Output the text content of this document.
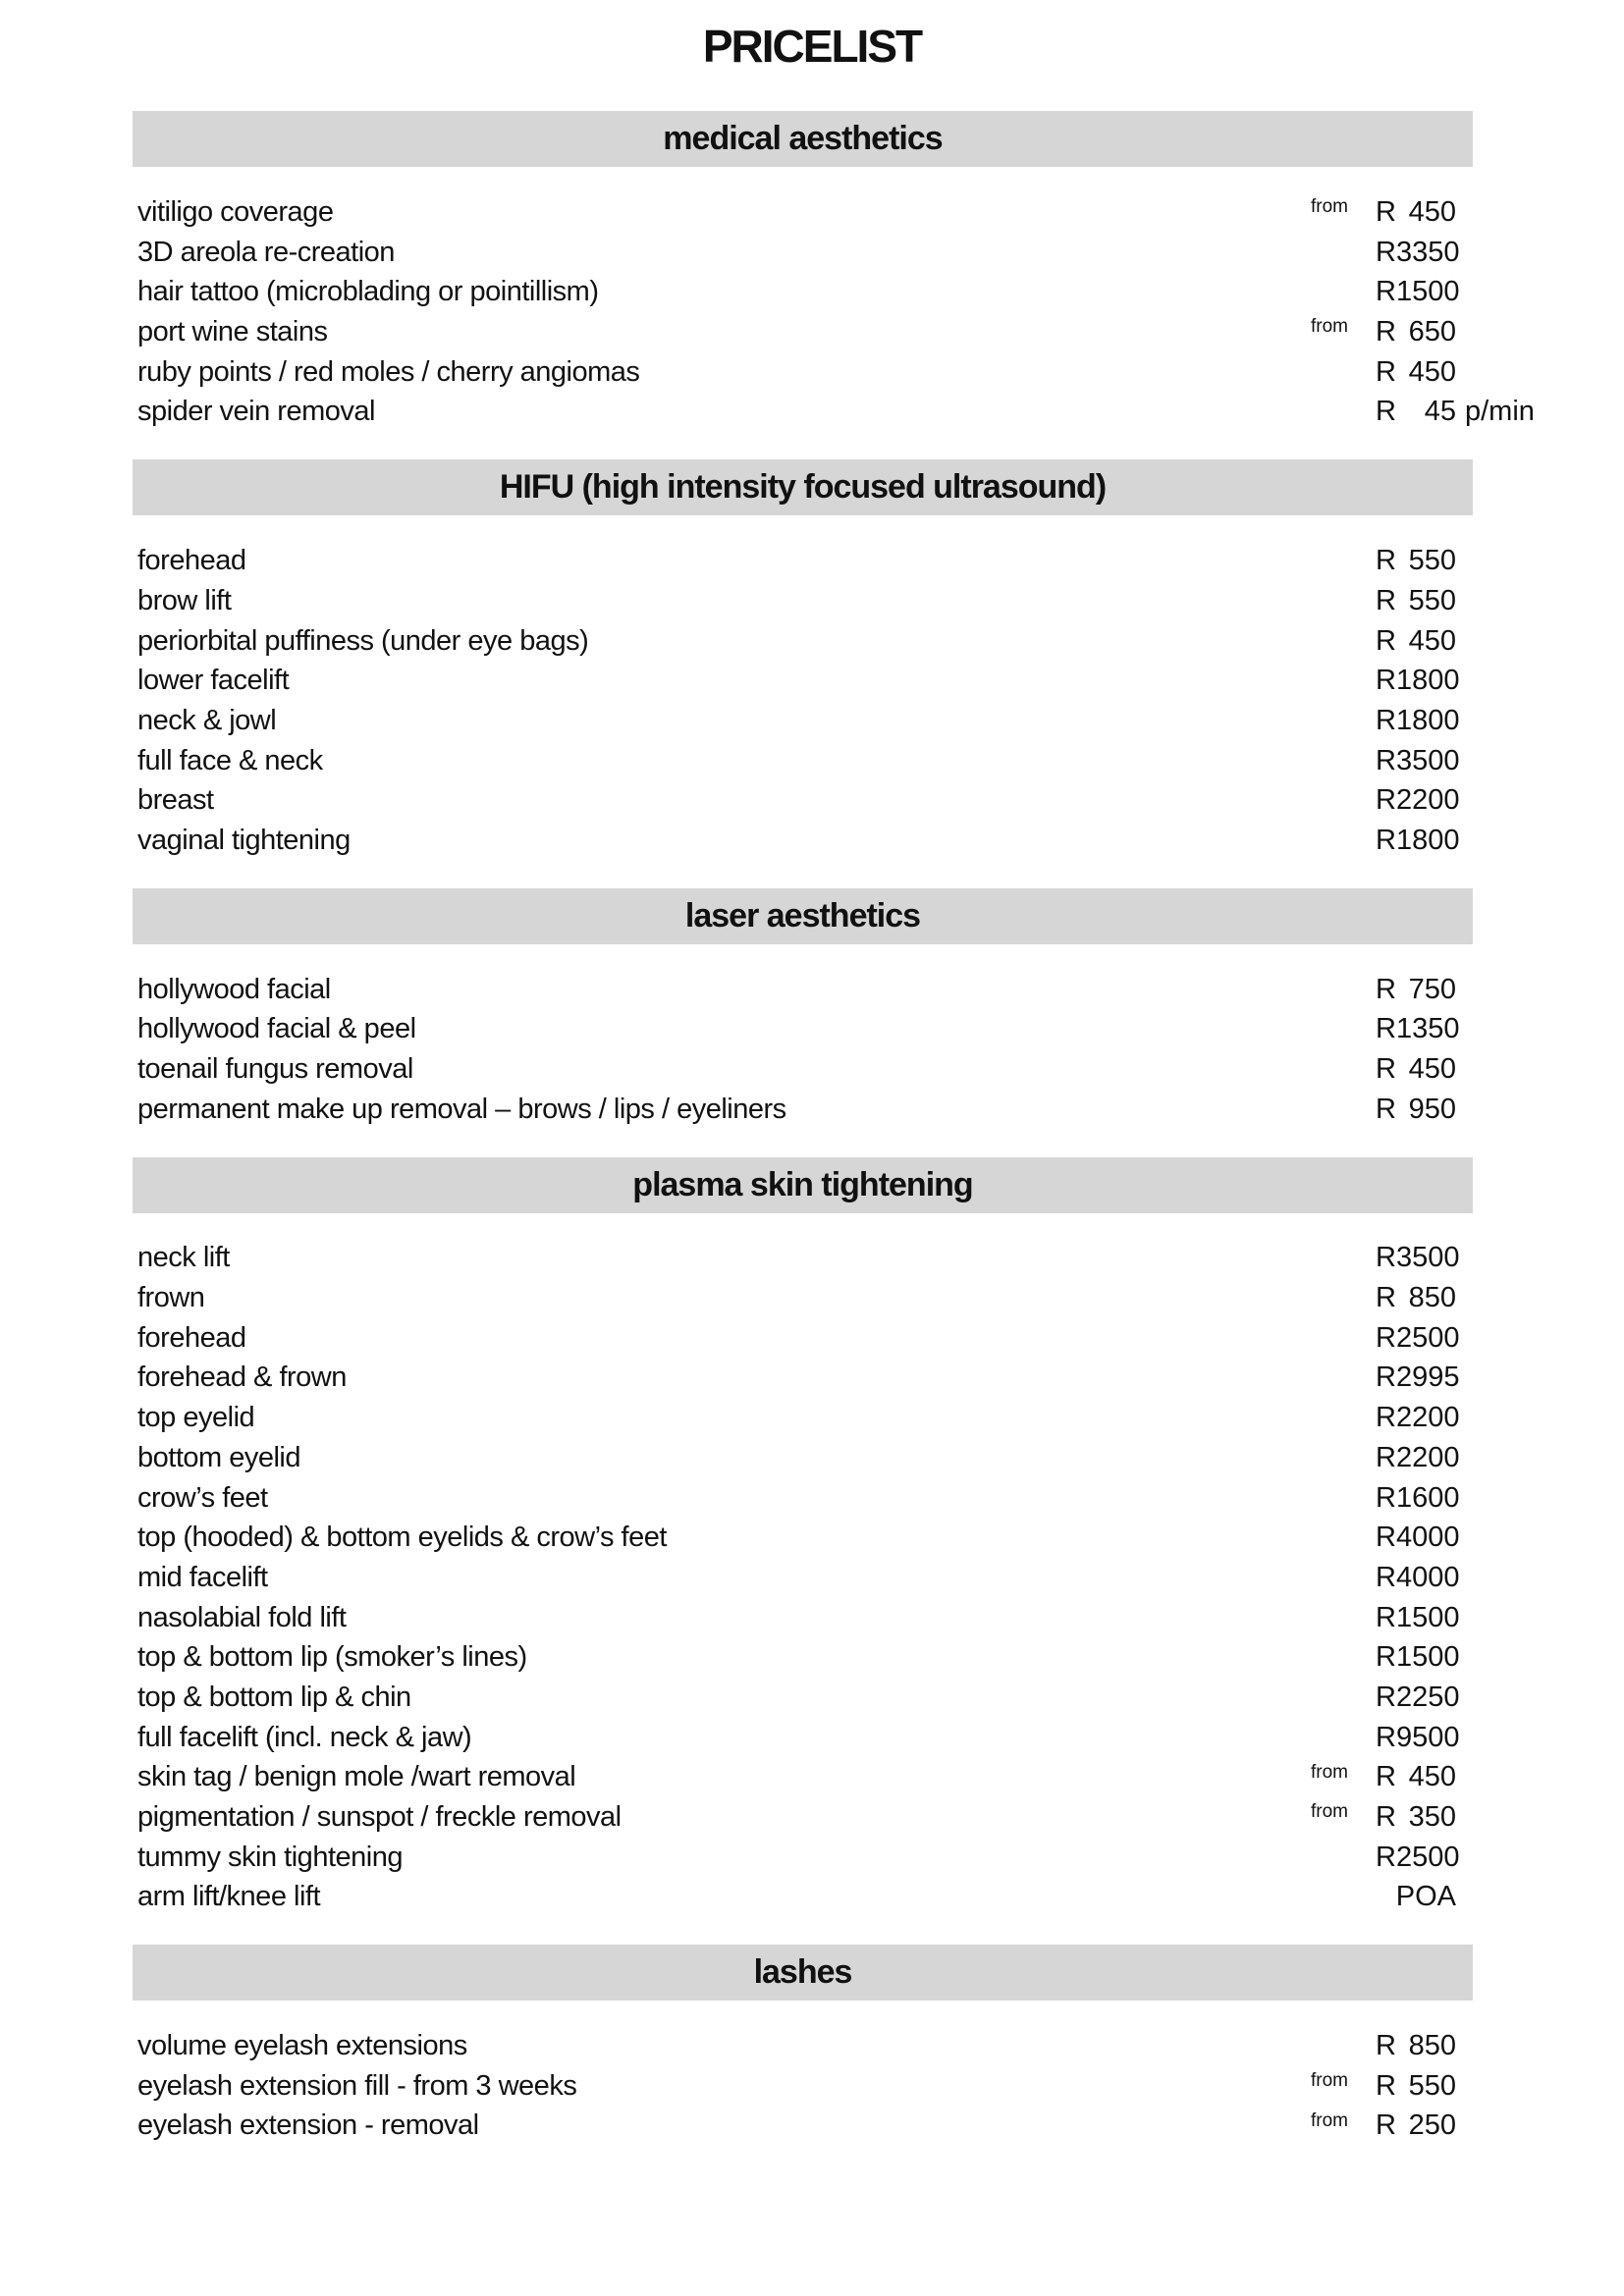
PRICELIST
medical aesthetics
vitiligo coverage	from R 450
3D areola re-creation	R 3350
hair tattoo (microblading or pointillism)	R 1500
port wine stains	from R 650
ruby points / red moles / cherry angiomas	R 450
spider vein removal	R 45 p/min
HIFU (high intensity focused ultrasound)
forehead	R 550
brow lift	R 550
periorbital puffiness (under eye bags)	R 450
lower facelift	R 1800
neck & jowl	R 1800
full face & neck	R 3500
breast	R 2200
vaginal tightening	R 1800
laser aesthetics
hollywood facial	R 750
hollywood facial & peel	R 1350
toenail fungus removal	R 450
permanent make up removal – brows / lips / eyeliners	R 950
plasma skin tightening
neck lift	R 3500
frown	R 850
forehead	R 2500
forehead & frown	R 2995
top eyelid	R 2200
bottom eyelid	R 2200
crow’s feet	R 1600
top (hooded) & bottom eyelids & crow’s feet	R 4000
mid facelift	R 4000
nasolabial fold lift	R 1500
top & bottom lip (smoker’s lines)	R 1500
top & bottom lip & chin	R 2250
full facelift (incl. neck & jaw)	R 9500
skin tag / benign mole /wart removal	from R 450
pigmentation / sunspot / freckle removal	from R 350
tummy skin tightening	R 2500
arm lift/knee lift	POA
lashes
volume eyelash extensions	R 850
eyelash extension fill - from 3 weeks	from R 550
eyelash extension - removal	from R 250
